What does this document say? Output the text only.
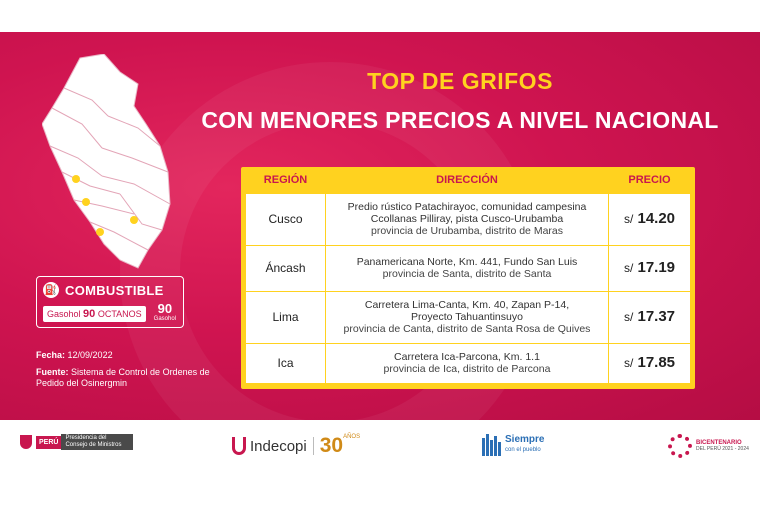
TOP DE GRIFOS
CON MENORES PRECIOS A NIVEL NACIONAL
REGIÓN	DIRECCIÓN	PRECIO
Cusco	Predio rústico Patachirayoc, comunidad campesina
Ccollanas Pilliray, pista Cusco-Urubamba
provincia de Urubamba, distrito de Maras	s/ 14.20
Áncash	Panamericana Norte, Km. 441, Fundo San Luis
provincia de Santa, distrito de Santa	s/ 17.19
Lima	Carretera Lima-Canta, Km. 40, Zapan P-14,
Proyecto Tahuantinsuyo
provincia de Canta, distrito de Santa Rosa de Quives	s/ 17.37
Ica	Carretera Ica-Parcona, Km. 1.1
provincia de Ica, distrito de Parcona	s/ 17.85
⛽ COMBUSTIBLE
Gasohol 90 OCTANOS	90
Gasohol

Fecha: 12/09/2022

Fuente: Sistema de Control de Ordenes de Pedido del Osinergmin

PERÚ
Presidencia del Consejo de Ministros	Indecopi 30 AÑOS	Siempre
con el pueblo
BICENTENARIO
DEL PERÚ 2021 - 2024
